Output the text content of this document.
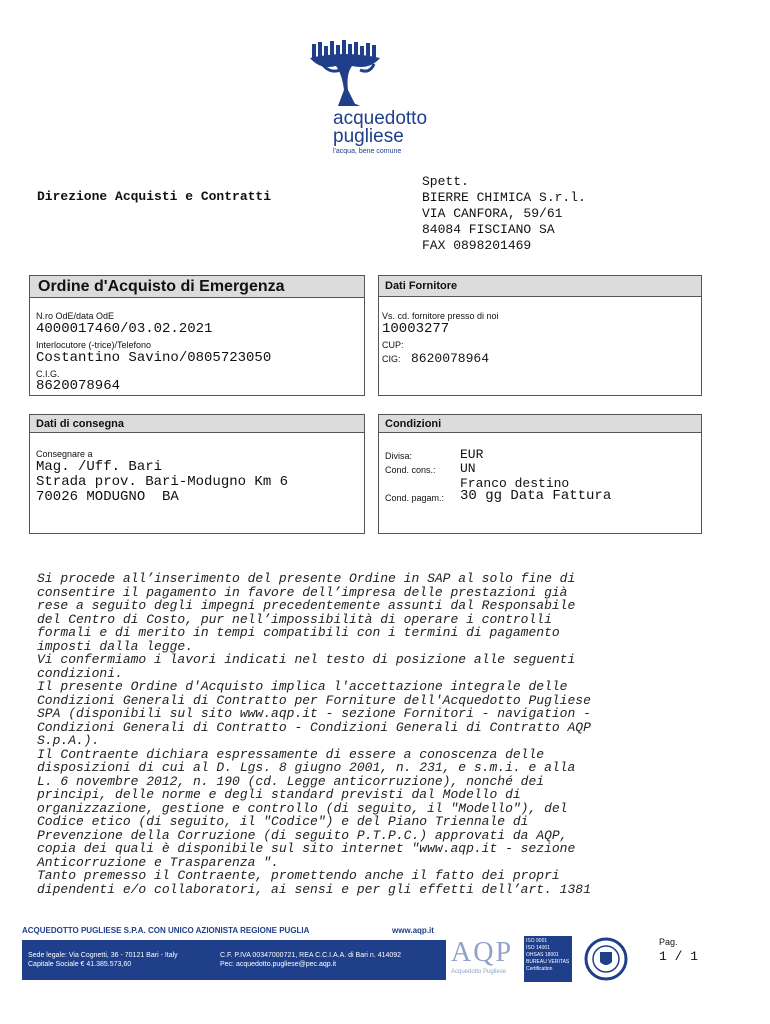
acquedotto
pugliese
l'acqua, bene comune
Direzione Acquisti e Contratti
Spett.
BIERRE CHIMICA S.r.l.
VIA CANFORA, 59/61
84084 FISCIANO SA
FAX 0898201469
Ordine d'Acquisto di Emergenza
N.ro OdE/data OdE
4000017460/03.02.2021
Interlocutore (-trice)/Telefono
Costantino Savino/0805723050
C.I.G.
8620078964
Dati Fornitore
Vs. cd. fornitore presso di noi
10003277
CUP:
CIG: 8620078964
Dati di consegna
Consegnare a
Mag. /Uff. Bari
Strada prov. Bari-Modugno Km 6
70026 MODUGNO  BA
Condizioni
Divisa:	EUR
Cond. cons.: UN
Franco destino
Cond. pagam.: 30 gg Data Fattura
Si procede all’inserimento del presente Ordine in SAP al solo fine di
consentire il pagamento in favore dell’impresa delle prestazioni già
rese a seguito degli impegni precedentemente assunti dal Responsabile
del Centro di Costo, pur nell’impossibilità di operare i controlli
formali e di merito in tempi compatibili con i termini di pagamento
imposti dalla legge.
Vi confermiamo i lavori indicati nel testo di posizione alle seguenti
condizioni.
Il presente Ordine d'Acquisto implica l'accettazione integrale delle
Condizioni Generali di Contratto per Forniture dell'Acquedotto Pugliese
SPA (disponibili sul sito www.aqp.it - sezione Fornitori - navigation -
Condizioni Generali di Contratto - Condizioni Generali di Contratto AQP
S.p.A.).
Il Contraente dichiara espressamente di essere a conoscenza delle
disposizioni di cui al D. Lgs. 8 giugno 2001, n. 231, e s.m.i. e alla
L. 6 novembre 2012, n. 190 (cd. Legge anticorruzione), nonché dei
principi, delle norme e degli standard previsti dal Modello di
organizzazione, gestione e controllo (di seguito, il "Modello"), del
Codice etico (di seguito, il "Codice") e del Piano Triennale di
Prevenzione della Corruzione (di seguito P.T.P.C.) approvati da AQP,
copia dei quali è disponibile sul sito internet "www.aqp.it - sezione
Anticorruzione e Trasparenza ".
Tanto premesso il Contraente, promettendo anche il fatto dei propri
dipendenti e/o collaboratori, ai sensi e per gli effetti dell’art. 1381
ACQUEDOTTO PUGLIESE S.P.A. CON UNICO AZIONISTA REGIONE PUGLIA	www.aqp.it
Sede legale: Via Cognetti, 36 - 70121 Bari - Italy
Capitale Sociale € 41.385.573,60
C.F. P.IVA 00347000721, REA C.C.I.A.A. di Bari n. 414092
Pec: acquedotto.pugliese@pec.aqp.it	AQP
Acquedotto Pugliese
ISO 9001
ISO 14001
OHSAS 18001
BUREAU VERITAS
Certification
Pag.
1 / 1
